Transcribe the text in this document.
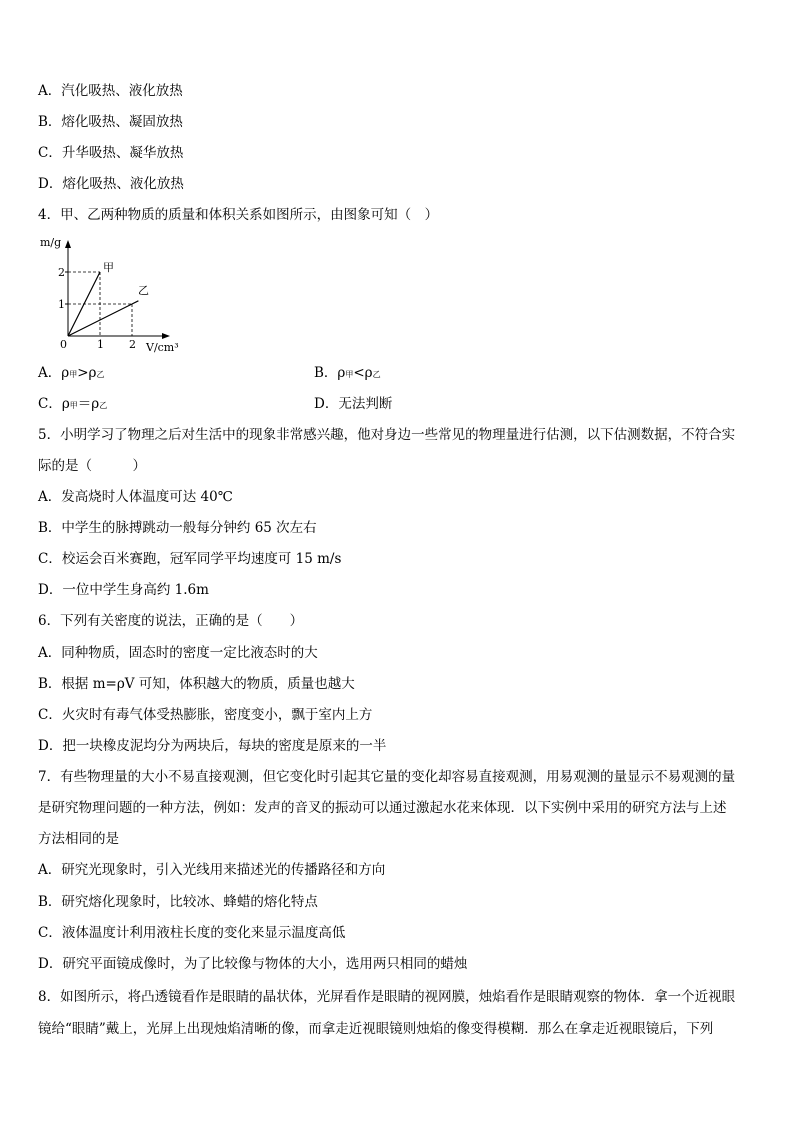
A．汽化吸热、液化放热
B．熔化吸热、凝固放热
C．升华吸热、凝华放热
D．熔化吸热、液化放热
4．甲、乙两种物质的质量和体积关系如图所示，由图象可知（　）
m/g
V/cm³
0	1 2
1
2	甲
乙
A．ρ甲>ρ乙	B．ρ甲<ρ乙
C．ρ甲＝ρ乙	D．无法判断
5．小明学习了物理之后对生活中的现象非常感兴趣，他对身边一些常见的物理量进行估测，以下估测数据，不符合实
际的是（　　　）
A．发高烧时人体温度可达 40℃
B．中学生的脉搏跳动一般每分钟约 65 次左右
C．校运会百米赛跑，冠军同学平均速度可 15 m/s
D．一位中学生身高约 1.6m
6．下列有关密度的说法，正确的是（　　）
A．同种物质，固态时的密度一定比液态时的大
B．根据 m=ρV 可知，体积越大的物质，质量也越大
C．火灾时有毒气体受热膨胀，密度变小，飘于室内上方
D．把一块橡皮泥均分为两块后，每块的密度是原来的一半
7．有些物理量的大小不易直接观测，但它变化时引起其它量的变化却容易直接观测，用易观测的量显示不易观测的量
是研究物理问题的一种方法，例如：发声的音叉的振动可以通过激起水花来体现．以下实例中采用的研究方法与上述
方法相同的是
A．研究光现象时，引入光线用来描述光的传播路径和方向
B．研究熔化现象时，比较冰、蜂蜡的熔化特点
C．液体温度计利用液柱长度的变化来显示温度高低
D．研究平面镜成像时，为了比较像与物体的大小，选用两只相同的蜡烛
8．如图所示，将凸透镜看作是眼睛的晶状体，光屏看作是眼睛的视网膜，烛焰看作是眼睛观察的物体．拿一个近视眼
镜给“眼睛”戴上，光屏上出现烛焰清晰的像，而拿走近视眼镜则烛焰的像变得模糊．那么在拿走近视眼镜后，下列
